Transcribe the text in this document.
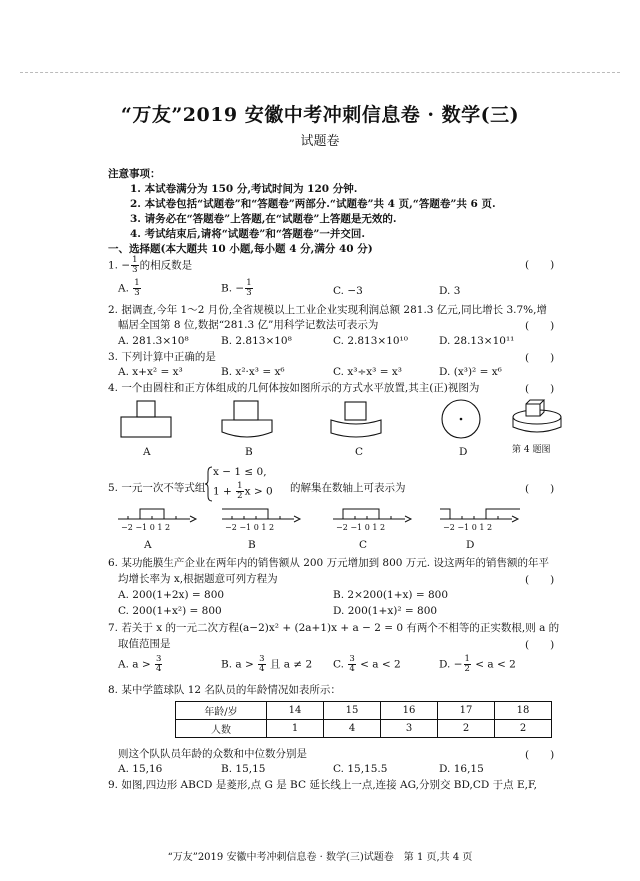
“万友”2019 安徽中考冲刺信息卷 · 数学(三)
试题卷
注意事项：
1. 本试卷满分为 150 分,考试时间为 120 分钟.
2. 本试卷包括“试题卷”和“答题卷”两部分.“试题卷”共 4 页,“答题卷”共 6 页.
3. 请务必在“答题卷”上答题,在“试题卷”上答题是无效的.
4. 考试结束后,请将“试题卷”和“答题卷”一并交回.
一、选择题(本大题共 10 小题,每小题 4 分,满分 40 分)
1. − $\frac{1}{3}$ 的相反数是	(　　)
A. $\frac{1}{3}$	B. − $\frac{1}{3}$	C. −3	D. 3
2. 据调查,今年 1～2 月份,全省规模以上工业企业实现利润总额 281.3 亿元,同比增长 3.7%,增
幅居全国第 8 位,数据“281.3 亿”用科学记数法可表示为	(　　)
A. 281.3×10⁸	B. 2.813×10⁸	C. 2.813×10¹⁰	D. 28.13×10¹¹
3. 下列计算中正确的是	(　　)
A. x+x² = x³	B. x²·x³ = x⁶	C. x³÷x³ = x³	D. (x³)² = x⁶
4. 一个由圆柱和正方体组成的几何体按如图所示的方式水平放置,其主(正)视图为	(　　)
A	B	C	D	第 4 题图
5. 一元一次不等式组
x − 1 ≤ 0,
$1 + \frac{1}{2}$ x > 0 的解集在数轴上可表示为	(　　)
−2 −1 0 1 2	−2 −1 0 1 2	−2 −1 0 1 2	−2 −1 0 1 2
A	B	C	D
6. 某功能膜生产企业在两年内的销售额从 200 万元增加到 800 万元. 设这两年的销售额的年平
均增长率为 x,根据题意可列方程为	(　　)
A. 200(1+2x) = 800	B. 2×200(1+x) = 800
C. 200(1+x²) = 800	D. 200(1+x)² = 800
7. 若关于 x 的一元二次方程(a−2)x² + (2a+1)x + a − 2 = 0 有两个不相等的正实数根,则 a 的
取值范围是	(　　)
A. $a > \frac{3}{4}$	B. $a > \frac{3}{4}$ 且 a ≠ 2 C. $\frac{3}{4} < a < 2$	D. − $\frac{1}{2} < a < 2$
8. 某中学篮球队 12 名队员的年龄情况如表所示：
年龄/岁	14	15	16	17	18
人数	1	4	3	2	2
则这个队队员年龄的众数和中位数分别是	(　　)
A. 15,16	B. 15,15	C. 15,15.5	D. 16,15
9. 如图,四边形 ABCD 是菱形,点 G 是 BC 延长线上一点,连接 AG,分别交 BD,CD 于点 E,F,
“万友”2019 安徽中考冲刺信息卷 · 数学(三)试题卷　第 1 页,共 4 页
